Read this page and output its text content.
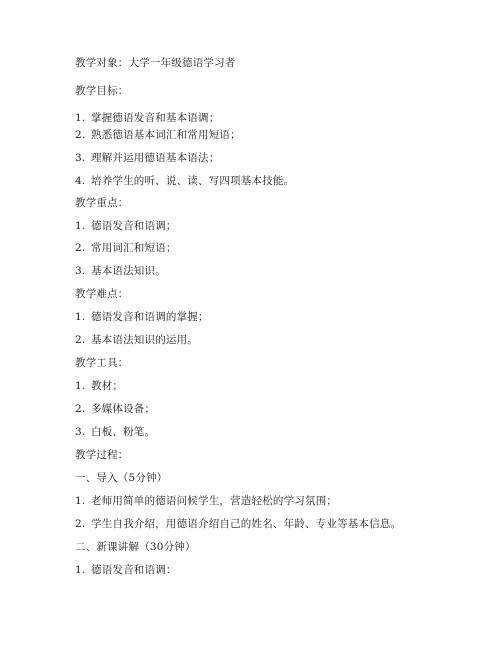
教学对象：大学一年级德语学习者
教学目标：
1. 掌握德语发音和基本语调；
2. 熟悉德语基本词汇和常用短语；
3. 理解并运用德语基本语法；
4. 培养学生的听、说、读、写四项基本技能。
教学重点：
1. 德语发音和语调；
2. 常用词汇和短语；
3. 基本语法知识。
教学难点：
1. 德语发音和语调的掌握；
2. 基本语法知识的运用。
教学工具：
1. 教材；
2. 多媒体设备；
3. 白板、粉笔。
教学过程：
一、导入（5分钟）
1. 老师用简单的德语问候学生，营造轻松的学习氛围；
2. 学生自我介绍，用德语介绍自己的姓名、年龄、专业等基本信息。
二、新课讲解（30分钟）
1. 德语发音和语调：
